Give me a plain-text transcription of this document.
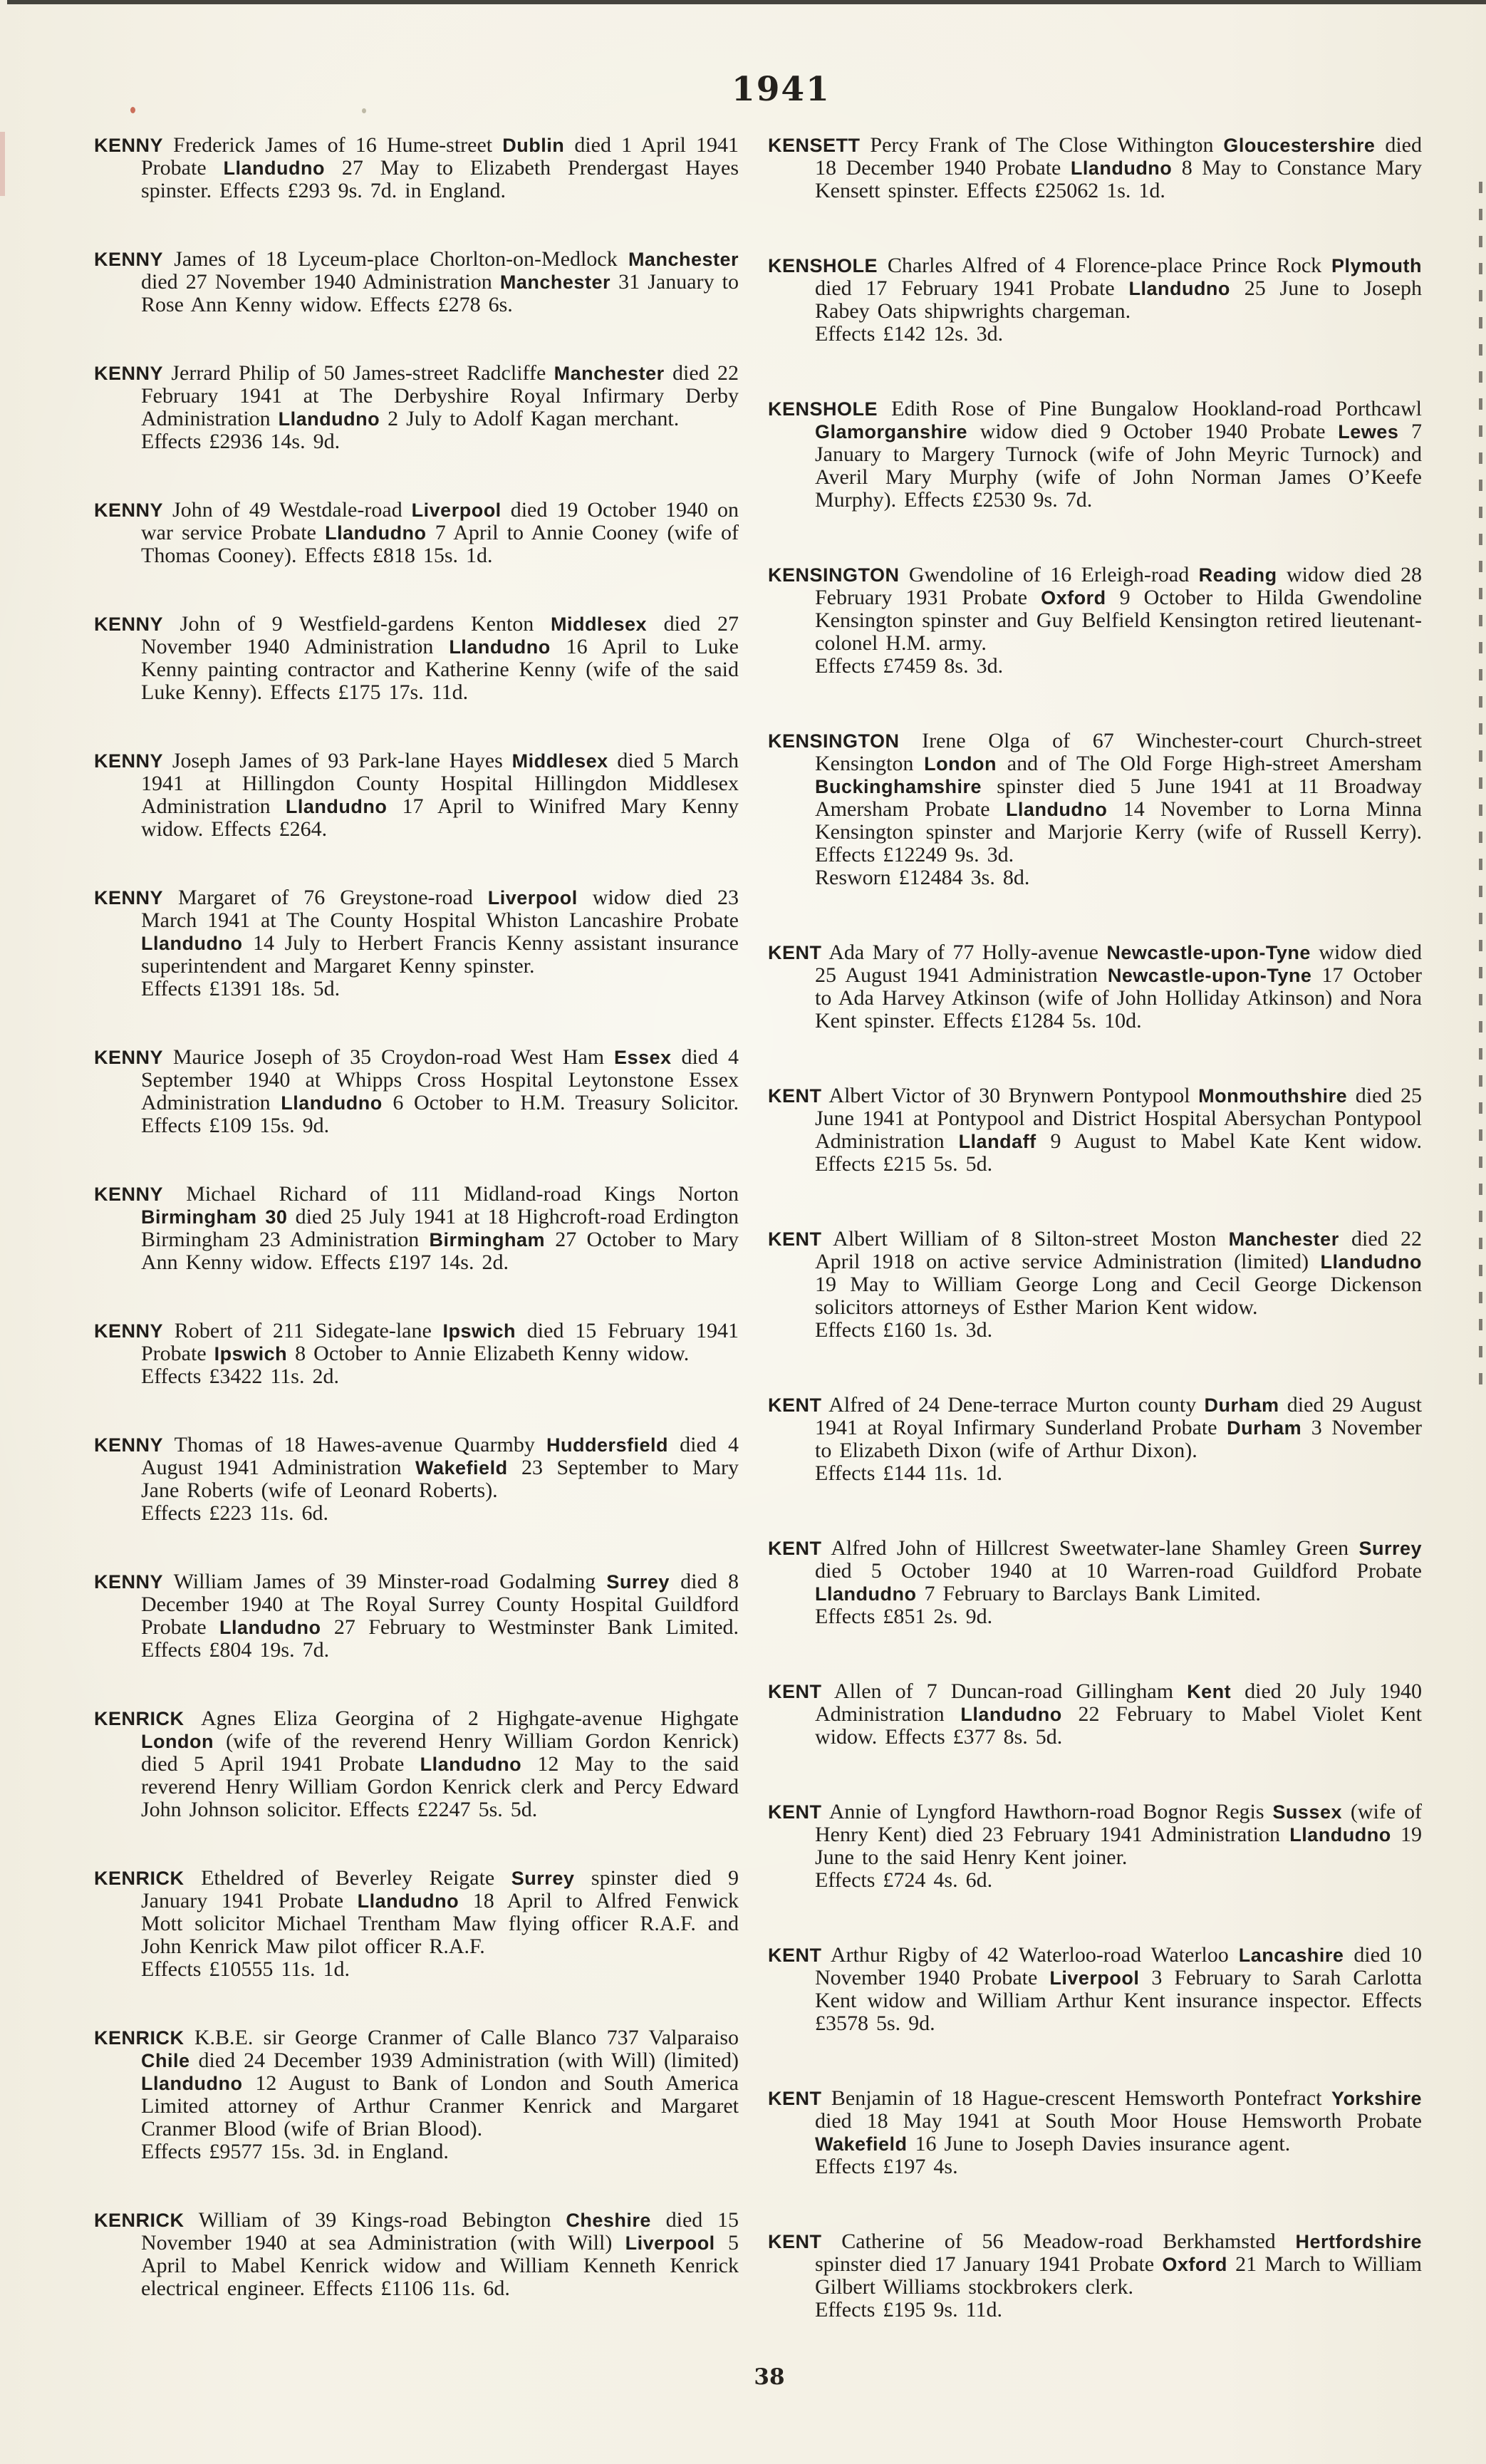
1941
KENNY Frederick James of 16 Hume-street Dublin died 1 April 1941 Probate Llandudno 27 May to Elizabeth Prendergast Hayes spinster. Effects £293 9s. 7d. in England.
KENNY James of 18 Lyceum-place Chorlton-on-Medlock Manchester died 27 November 1940 Administration Manchester 31 January to Rose Ann Kenny widow. Effects £278 6s.
KENNY Jerrard Philip of 50 James-street Radcliffe Manchester died 22 February 1941 at The Derbyshire Royal Infirmary Derby Administration Llandudno 2 July to Adolf Kagan merchant.
Effects £2936 14s. 9d.
KENNY John of 49 Westdale-road Liverpool died 19 October 1940 on war service Probate Llandudno 7 April to Annie Cooney (wife of Thomas Cooney). Effects £818 15s. 1d.
KENNY John of 9 Westfield-gardens Kenton Middlesex died 27 November 1940 Administration Llandudno 16 April to Luke Kenny painting contractor and Katherine Kenny (wife of the said Luke Kenny). Effects £175 17s. 11d.
KENNY Joseph James of 93 Park-lane Hayes Middlesex died 5 March 1941 at Hillingdon County Hospital Hillingdon Middlesex Administration Llandudno 17 April to Winifred Mary Kenny widow. Effects £264.
KENNY Margaret of 76 Greystone-road Liverpool widow died 23 March 1941 at The County Hospital Whiston Lancashire Probate Llandudno 14 July to Herbert Francis Kenny assistant insurance superintendent and Margaret Kenny spinster.
Effects £1391 18s. 5d.
KENNY Maurice Joseph of 35 Croydon-road West Ham Essex died 4 September 1940 at Whipps Cross Hospital Leytonstone Essex Administration Llandudno 6 October to H.M. Treasury Solicitor. Effects £109 15s. 9d.
KENNY Michael Richard of 111 Midland-road Kings Norton Birmingham 30 died 25 July 1941 at 18 Highcroft-road Erdington Birmingham 23 Administration Birmingham 27 October to Mary Ann Kenny widow. Effects £197 14s. 2d.
KENNY Robert of 211 Sidegate-lane Ipswich died 15 February 1941 Probate Ipswich 8 October to Annie Elizabeth Kenny widow.
Effects £3422 11s. 2d.
KENNY Thomas of 18 Hawes-avenue Quarmby Huddersfield died 4 August 1941 Administration Wakefield 23 September to Mary Jane Roberts (wife of Leonard Roberts).
Effects £223 11s. 6d.
KENNY William James of 39 Minster-road Godalming Surrey died 8 December 1940 at The Royal Surrey County Hospital Guildford Probate Llandudno 27 February to Westminster Bank Limited. Effects £804 19s. 7d.
KENRICK Agnes Eliza Georgina of 2 Highgate-avenue Highgate London (wife of the reverend Henry William Gordon Kenrick) died 5 April 1941 Probate Llandudno 12 May to the said reverend Henry William Gordon Kenrick clerk and Percy Edward John Johnson solicitor. Effects £2247 5s. 5d.
KENRICK Etheldred of Beverley Reigate Surrey spinster died 9 January 1941 Probate Llandudno 18 April to Alfred Fenwick Mott solicitor Michael Trentham Maw flying officer R.A.F. and John Kenrick Maw pilot officer R.A.F.
Effects £10555 11s. 1d.
KENRICK K.B.E. sir George Cranmer of Calle Blanco 737 Valparaiso Chile died 24 December 1939 Administration (with Will) (limited) Llandudno 12 August to Bank of London and South America Limited attorney of Arthur Cranmer Kenrick and Margaret Cranmer Blood (wife of Brian Blood).
Effects £9577 15s. 3d. in England.
KENRICK William of 39 Kings-road Bebington Cheshire died 15 November 1940 at sea Administration (with Will) Liverpool 5 April to Mabel Kenrick widow and William Kenneth Kenrick electrical engineer. Effects £1106 11s. 6d.
KENSETT Percy Frank of The Close Withington Gloucestershire died 18 December 1940 Probate Llandudno 8 May to Constance Mary Kensett spinster. Effects £25062 1s. 1d.
KENSHOLE Charles Alfred of 4 Florence-place Prince Rock Plymouth died 17 February 1941 Probate Llandudno 25 June to Joseph Rabey Oats shipwrights chargeman.
Effects £142 12s. 3d.
KENSHOLE Edith Rose of Pine Bungalow Hookland-road Porthcawl Glamorganshire widow died 9 October 1940 Probate Lewes 7 January to Margery Turnock (wife of John Meyric Turnock) and Averil Mary Murphy (wife of John Norman James O’Keefe Murphy). Effects £2530 9s. 7d.
KENSINGTON Gwendoline of 16 Erleigh-road Reading widow died 28 February 1931 Probate Oxford 9 October to Hilda Gwendoline Kensington spinster and Guy Belfield Kensington retired lieutenant-colonel H.M. army.
Effects £7459 8s. 3d.
KENSINGTON Irene Olga of 67 Winchester-court Church-street Kensington London and of The Old Forge High-street Amersham Buckinghamshire spinster died 5 June 1941 at 11 Broadway Amersham Probate Llandudno 14 November to Lorna Minna Kensington spinster and Marjorie Kerry (wife of Russell Kerry). Effects £12249 9s. 3d.
Resworn £12484 3s. 8d.
KENT Ada Mary of 77 Holly-avenue Newcastle-upon-Tyne widow died 25 August 1941 Administration Newcastle-upon-Tyne 17 October to Ada Harvey Atkinson (wife of John Holliday Atkinson) and Nora Kent spinster. Effects £1284 5s. 10d.
KENT Albert Victor of 30 Brynwern Pontypool Monmouthshire died 25 June 1941 at Pontypool and District Hospital Abersychan Pontypool Administration Llandaff 9 August to Mabel Kate Kent widow. Effects £215 5s. 5d.
KENT Albert William of 8 Silton-street Moston Manchester died 22 April 1918 on active service Administration (limited) Llandudno 19 May to William George Long and Cecil George Dickenson solicitors attorneys of Esther Marion Kent widow.
Effects £160 1s. 3d.
KENT Alfred of 24 Dene-terrace Murton county Durham died 29 August 1941 at Royal Infirmary Sunderland Probate Durham 3 November to Elizabeth Dixon (wife of Arthur Dixon).
Effects £144 11s. 1d.
KENT Alfred John of Hillcrest Sweetwater-lane Shamley Green Surrey died 5 October 1940 at 10 Warren-road Guildford Probate Llandudno 7 February to Barclays Bank Limited.
Effects £851 2s. 9d.
KENT Allen of 7 Duncan-road Gillingham Kent died 20 July 1940 Administration Llandudno 22 February to Mabel Violet Kent widow. Effects £377 8s. 5d.
KENT Annie of Lyngford Hawthorn-road Bognor Regis Sussex (wife of Henry Kent) died 23 February 1941 Administration Llandudno 19 June to the said Henry Kent joiner.
Effects £724 4s. 6d.
KENT Arthur Rigby of 42 Waterloo-road Waterloo Lancashire died 10 November 1940 Probate Liverpool 3 February to Sarah Carlotta Kent widow and William Arthur Kent insurance inspector. Effects £3578 5s. 9d.
KENT Benjamin of 18 Hague-crescent Hemsworth Pontefract Yorkshire died 18 May 1941 at South Moor House Hemsworth Probate Wakefield 16 June to Joseph Davies insurance agent.
Effects £197 4s.
KENT Catherine of 56 Meadow-road Berkhamsted Hertfordshire spinster died 17 January 1941 Probate Oxford 21 March to William Gilbert Williams stockbrokers clerk.
Effects £195 9s. 11d.
38
